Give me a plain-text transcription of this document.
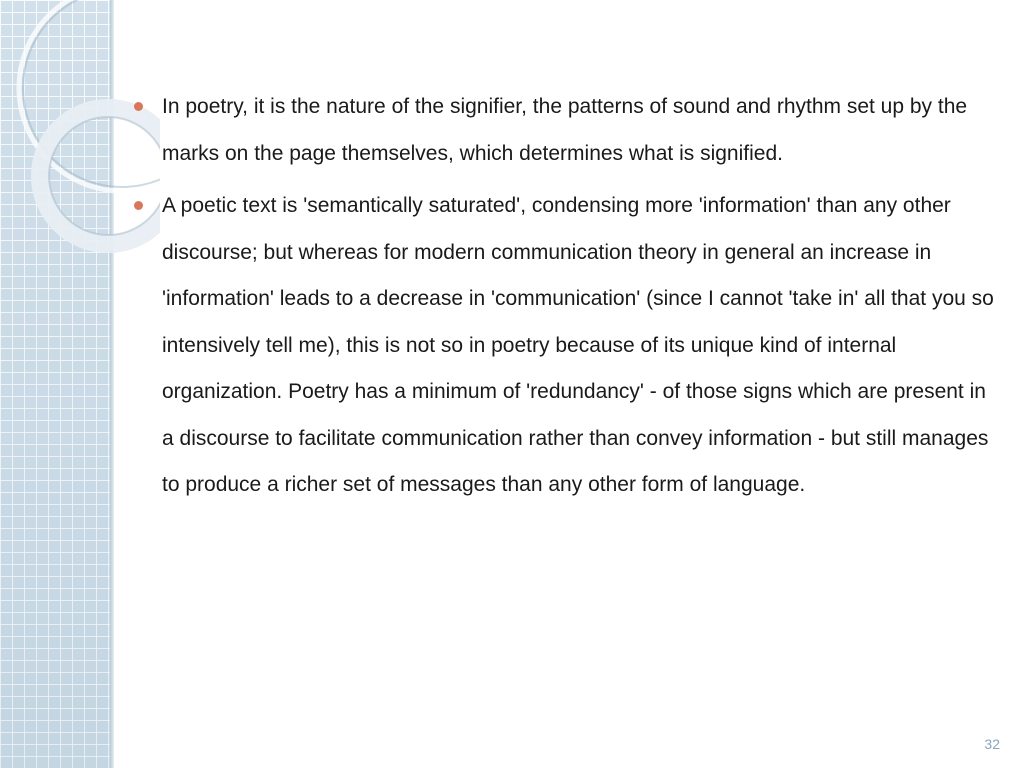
In poetry, it is the nature of the signifier, the patterns of sound and rhythm set up by the marks on the page themselves, which determines what is signified.
A poetic text is 'semantically saturated', condensing more 'information' than any other discourse; but whereas for modern communication theory in general an increase in 'information' leads to a decrease in 'communication' (since I cannot 'take in' all that you so intensively tell me), this is not so in poetry because of its unique kind of internal organization. Poetry has a minimum of 'redundancy' - of those signs which are present in a discourse to facilitate communication rather than convey information - but still manages to produce a richer set of messages than any other form of language.
32
